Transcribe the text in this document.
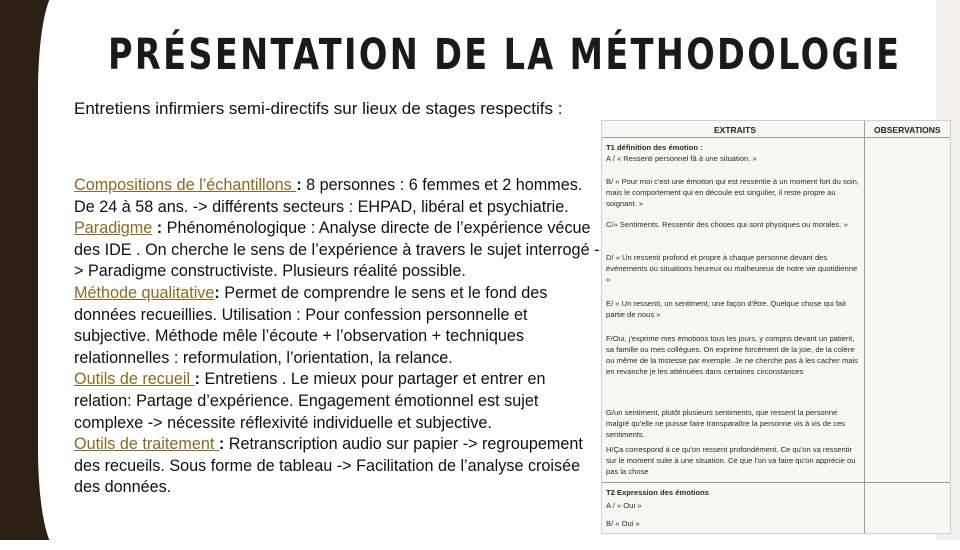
PRÉSENTATION DE LA MÉTHODOLOGIE
Entretiens infirmiers semi-directifs sur lieux de stages respectifs :

Compositions de l’échantillons : 8 personnes : 6 femmes et 2 hommes. De 24 à 58 ans. -> différents secteurs : EHPAD, libéral et psychiatrie.

Paradigme : Phénoménologique : Analyse directe de l’expérience vécue des IDE . On cherche le sens de l’expérience à travers le sujet interrogé -> Paradigme constructiviste. Plusieurs réalité possible.

Méthode qualitative: Permet de comprendre le sens et le fond des données recueillies. Utilisation : Pour confession personnelle et subjective. Méthode mêle l’écoute + l’observation + techniques relationnelles : reformulation, l’orientation, la relance.

Outils de recueil : Entretiens . Le mieux pour partager et entrer en relation: Partage d’expérience. Engagement émotionnel est sujet complexe -> nécessite réflexivité individuelle et subjective.

Outils de traitement : Retranscription audio sur papier -> regroupement des recueils. Sous forme de tableau -> Facilitation de l’analyse croisée des données.

EXTRAITS	OBSERVATIONS
T1 définition des émotion :
A / « Ressenti personnel fâ à une situation. »
B/ « Pour moi c'est une émotion qui est ressentie à un moment fort du soin, mais le comportement qui en découle est singulier, il reste propre au soignant. »
C/« Sentiments. Ressentir des choses qui sont physiques ou morales. »
D/ « Un ressenti profond et propre à chaque personne devant des événements ou situations heureux ou malheureux de notre vie quotidienne »
E/ « Un ressenti, un sentiment, une façon d'être. Quelque chose qui fait partie de nous »
F/Oui, j'exprime mes émotions tous les jours, y compris devant un patient, sa famille ou mes collègues. On exprime forcément de la joie, de la colère ou même de la tristesse par exemple. Je ne cherche pas à les cacher mais en revanche je les atténuées dans certaines circonstances
G/un sentiment, plutôt plusieurs sentiments, que ressent la personne malgré qu'elle ne puisse faire transparaître la personne vis à vis de ces sentiments.
H/Ça correspond à ce qu'on ressent profondément. Ce qu'on va ressentir sur le moment suite à une situation. Ce que l'on va faire qu'on apprécie ou pas la chose
T2 Expression des émotions
A / « Oui »
B/ « Oui »
